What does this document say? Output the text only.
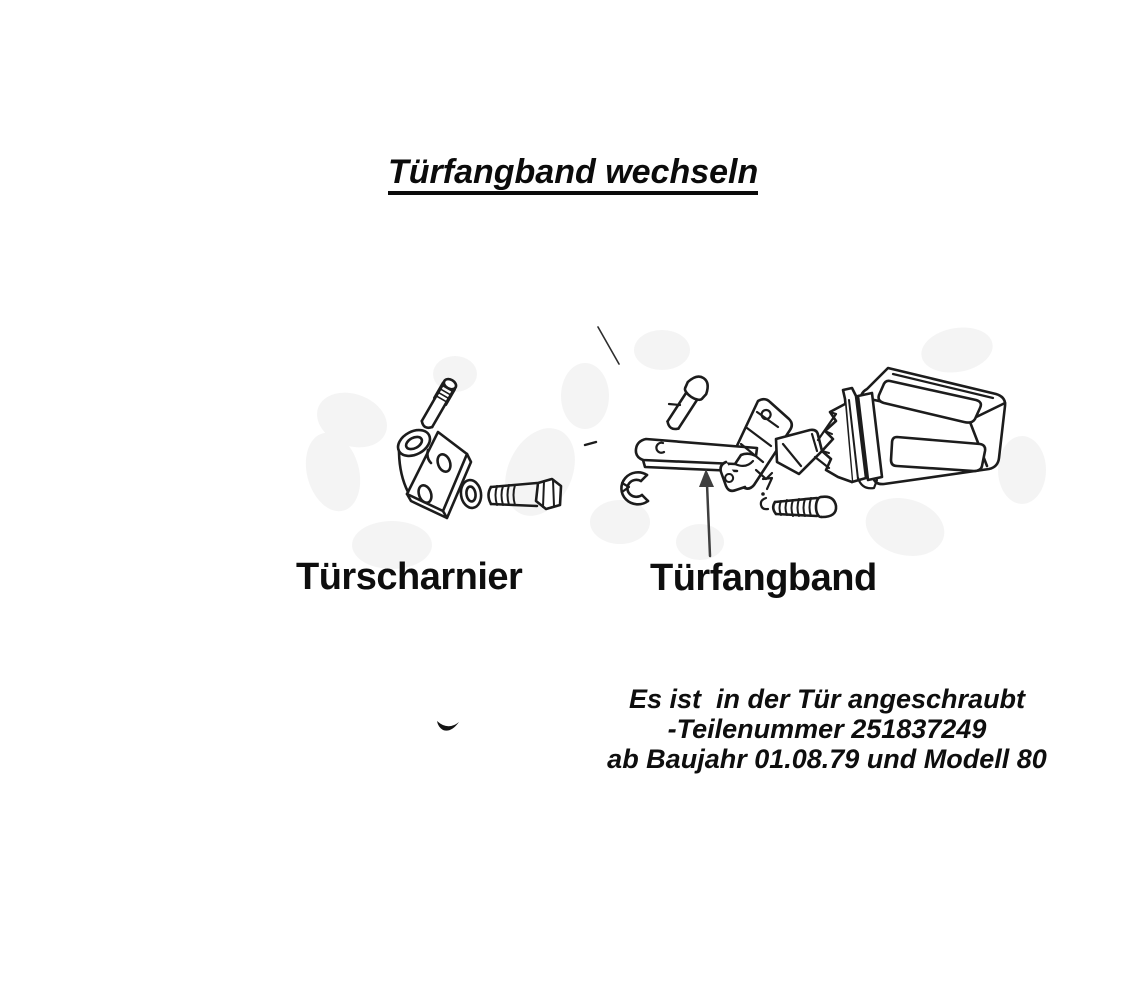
Türfangband wechseln
Türscharnier	Türfangband
Es ist  in der Tür angeschraubt
-Teilenummer 251837249
ab Baujahr 01.08.79 und Modell 80
